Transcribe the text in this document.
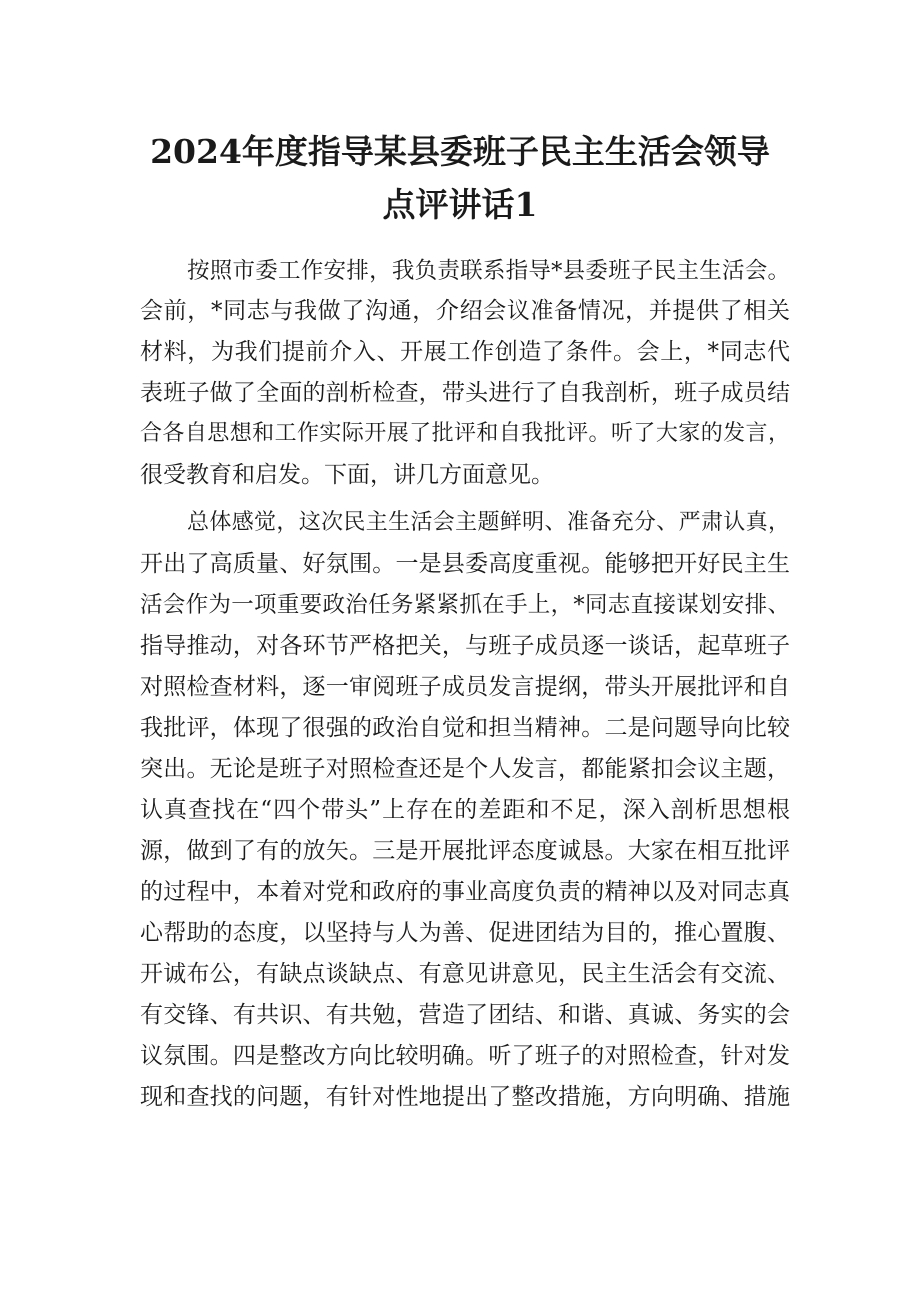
2024年度指导某县委班子民主生活会领导
点评讲话1
按照市委工作安排，我负责联系指导*县委班子民主生活会。
会前，*同志与我做了沟通，介绍会议准备情况，并提供了相关
材料，为我们提前介入、开展工作创造了条件。会上，*同志代
表班子做了全面的剖析检查，带头进行了自我剖析，班子成员结
合各自思想和工作实际开展了批评和自我批评。听了大家的发言，
很受教育和启发。下面，讲几方面意见。
总体感觉，这次民主生活会主题鲜明、准备充分、严肃认真，
开出了高质量、好氛围。一是县委高度重视。能够把开好民主生
活会作为一项重要政治任务紧紧抓在手上，*同志直接谋划安排、
指导推动，对各环节严格把关，与班子成员逐一谈话，起草班子
对照检查材料，逐一审阅班子成员发言提纲，带头开展批评和自
我批评，体现了很强的政治自觉和担当精神。二是问题导向比较
突出。无论是班子对照检查还是个人发言，都能紧扣会议主题，
认真查找在“四个带头”上存在的差距和不足，深入剖析思想根
源，做到了有的放矢。三是开展批评态度诚恳。大家在相互批评
的过程中，本着对党和政府的事业高度负责的精神以及对同志真
心帮助的态度，以坚持与人为善、促进团结为目的，推心置腹、
开诚布公，有缺点谈缺点、有意见讲意见，民主生活会有交流、
有交锋、有共识、有共勉，营造了团结、和谐、真诚、务实的会
议氛围。四是整改方向比较明确。听了班子的对照检查，针对发
现和查找的问题，有针对性地提出了整改措施，方向明确、措施
